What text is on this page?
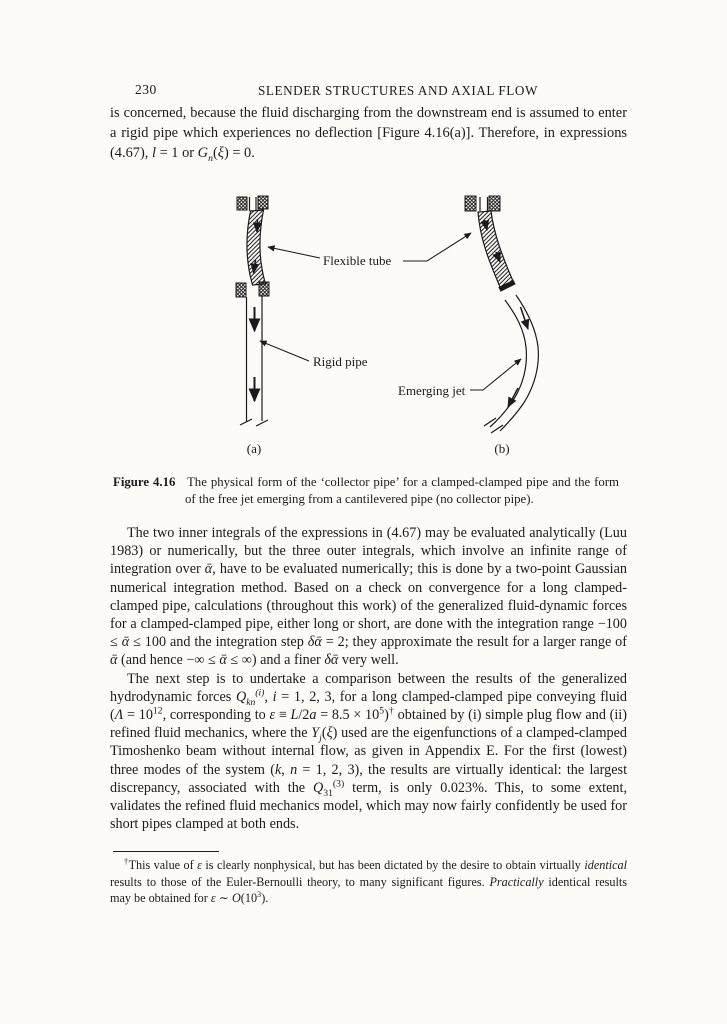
230	SLENDER STRUCTURES AND AXIAL FLOW

is concerned, because the fluid discharging from the downstream end is assumed to enter a rigid pipe which experiences no deflection [Figure 4.16(a)]. Therefore, in expressions (4.67), l = 1 or $G_n(\xi) = 0$.

(a)	(b)
Flexible tube
Rigid pipe
Emerging jet

Figure 4.16   The physical form of the ‘collector pipe’ for a clamped-clamped pipe and the form of the free jet emerging from a cantilevered pipe (no collector pipe).

The two inner integrals of the expressions in (4.67) may be evaluated analytically (Luu 1983) or numerically, but the three outer integrals, which involve an infinite range of integration over ᾱ, have to be evaluated numerically; this is done by a two-point Gaussian numerical integration method. Based on a check on convergence for a long clamped-clamped pipe, calculations (throughout this work) of the generalized fluid-dynamic forces for a clamped-clamped pipe, either long or short, are done with the integration range −100 ≤ ᾱ ≤ 100 and the integration step δᾱ = 2; they approximate the result for a larger range of ᾱ (and hence −∞ ≤ ᾱ ≤ ∞) and a finer δᾱ very well.

The next step is to undertake a comparison between the results of the generalized hydrodynamic forces $Q_{kn}^{(i)}$, i = 1, 2, 3, for a long clamped-clamped pipe conveying fluid ($\Lambda = 10^{12}$, corresponding to $\varepsilon \equiv L/2a = 8.5 \times 10^5)^\dagger$ obtained by (i) simple plug flow and (ii) refined fluid mechanics, where the $Y_j(\xi)$ used are the eigenfunctions of a clamped-clamped Timoshenko beam without internal flow, as given in Appendix E. For the first (lowest) three modes of the system (k, n = 1, 2, 3), the results are virtually identical: the largest discrepancy, associated with the $Q_{31}^{(3)}$ term, is only 0.023%. This, to some extent, validates the refined fluid mechanics model, which may now fairly confidently be used for short pipes clamped at both ends.

†This value of ε is clearly nonphysical, but has been dictated by the desire to obtain virtually identical results to those of the Euler-Bernoulli theory, to many significant figures. Practically identical results may be obtained for ε ∼ $O(10^3)$.
